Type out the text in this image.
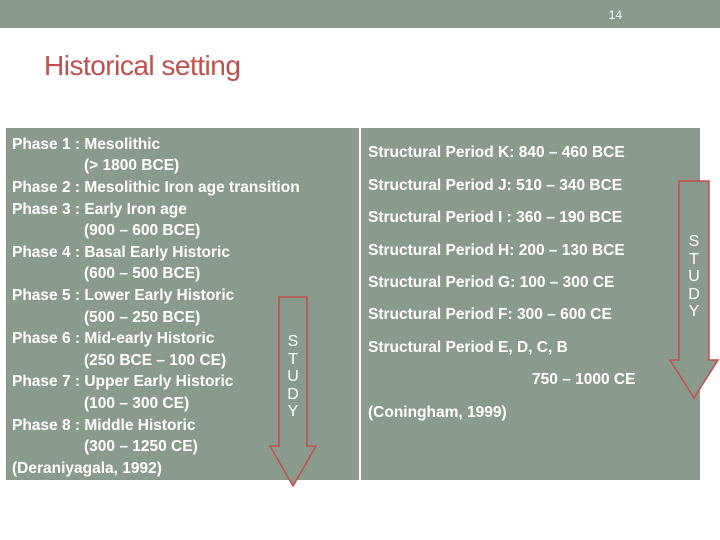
14
Historical setting
Phase 1 : Mesolithic
(> 1800 BCE)
Phase 2 : Mesolithic Iron age transition
Phase 3 : Early Iron age
(900 – 600 BCE)
Phase 4 : Basal Early Historic
(600 – 500 BCE)
Phase 5 : Lower Early Historic
(500 – 250 BCE)
Phase 6 : Mid-early Historic
(250 BCE – 100 CE)
Phase 7 : Upper Early Historic
(100 – 300 CE)
Phase 8 : Middle Historic
(300 – 1250 CE)
(Deraniyagala, 1992)
Structural Period K: 840 – 460 BCE
Structural Period J: 510 – 340 BCE
Structural Period I : 360 – 190 BCE
Structural Period H: 200 – 130 BCE
Structural Period G: 100 – 300 CE
Structural Period F: 300 – 600 CE
Structural Period E, D, C, B
750 – 1000 CE
(Coningham, 1999)
S
T
U
D
Y
S
T
U
D
Y
